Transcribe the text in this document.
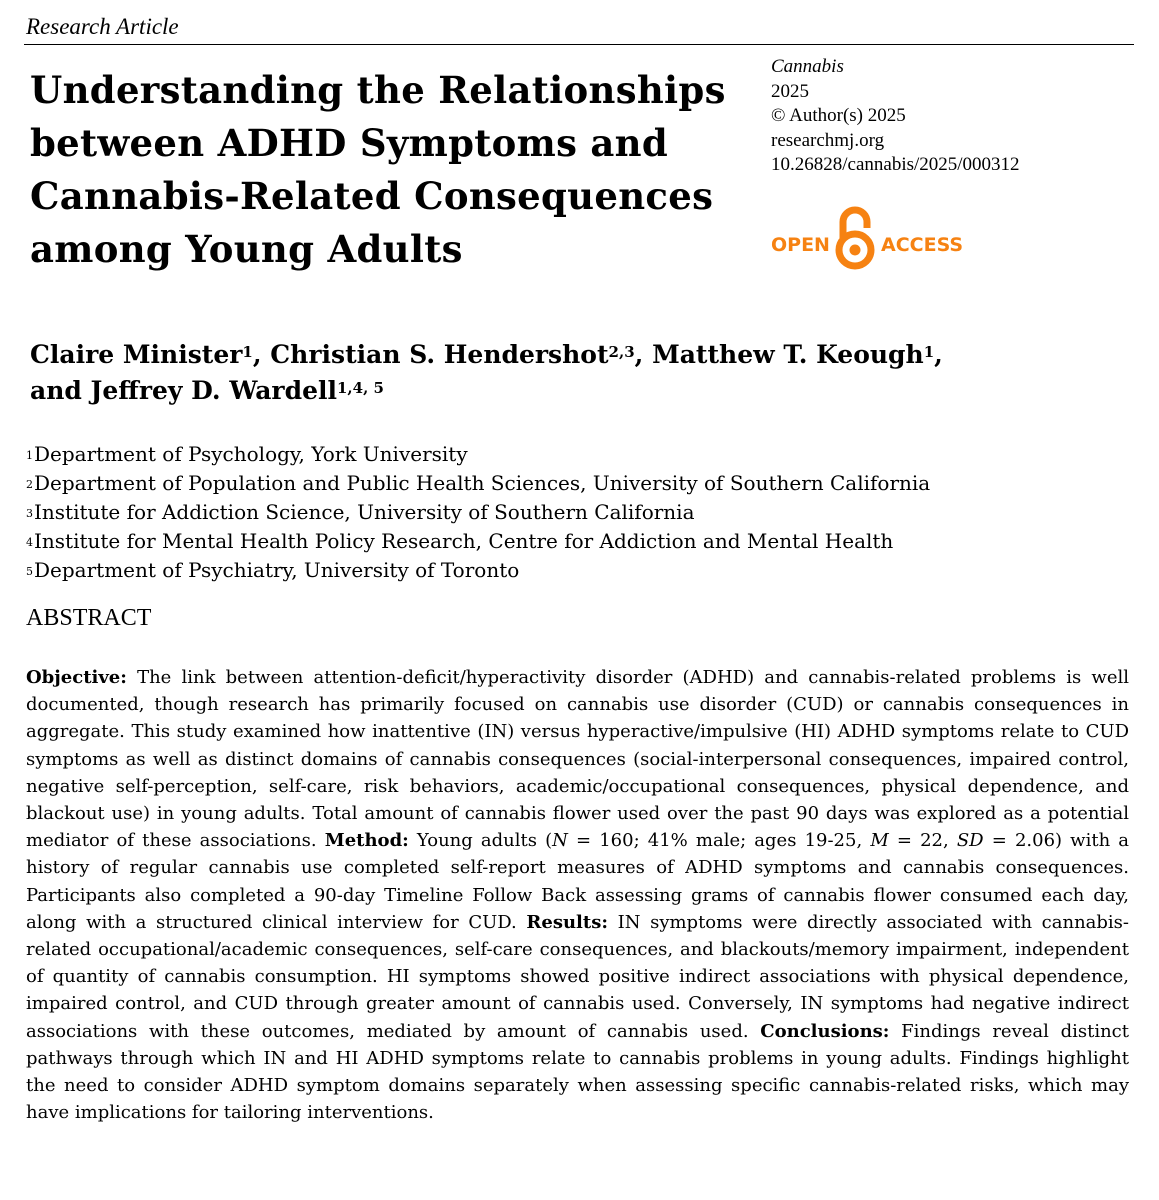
Research Article
Understanding the Relationships between ADHD Symptoms and Cannabis-Related Consequences among Young Adults
Cannabis
2025
© Author(s) 2025
researchmj.org
10.26828/cannabis/2025/000312
OPEN	ACCESS
Claire Minister$^1$, Christian S. Hendershot$^{2,3}$, Matthew T. Keough$^1$,
and Jeffrey D. Wardell$^{1,4, 5}$
$^1$Department of Psychology, York University
$^2$Department of Population and Public Health Sciences, University of Southern California
$^3$Institute for Addiction Science, University of Southern California
$^4$Institute for Mental Health Policy Research, Centre for Addiction and Mental Health
$^5$Department of Psychiatry, University of Toronto
ABSTRACT

Objective: The link between attention-deficit/hyperactivity disorder (ADHD) and cannabis-related problems is well documented, though research has primarily focused on cannabis use disorder (CUD) or cannabis consequences in aggregate. This study examined how inattentive (IN) versus hyperactive/impulsive (HI) ADHD symptoms relate to CUD symptoms as well as distinct domains of cannabis consequences (social-interpersonal consequences, impaired control, negative self-perception, self-care, risk behaviors, academic/occupational consequences, physical dependence, and blackout use) in young adults. Total amount of cannabis flower used over the past 90 days was explored as a potential mediator of these associations. Method: Young adults (N = 160; 41% male; ages 19-25, M = 22, SD = 2.06) with a history of regular cannabis use completed self-report measures of ADHD symptoms and cannabis consequences. Participants also completed a 90-day Timeline Follow Back assessing grams of cannabis flower consumed each day, along with a structured clinical interview for CUD. Results: IN symptoms were directly associated with cannabis-related occupational/academic consequences, self-care consequences, and blackouts/memory impairment, independent of quantity of cannabis consumption. HI symptoms showed positive indirect associations with physical dependence, impaired control, and CUD through greater amount of cannabis used. Conversely, IN symptoms had negative indirect associations with these outcomes, mediated by amount of cannabis used. Conclusions: Findings reveal distinct pathways through which IN and HI ADHD symptoms relate to cannabis problems in young adults. Findings highlight the need to consider ADHD symptom domains separately when assessing specific cannabis-related risks, which may have implications for tailoring interventions.
